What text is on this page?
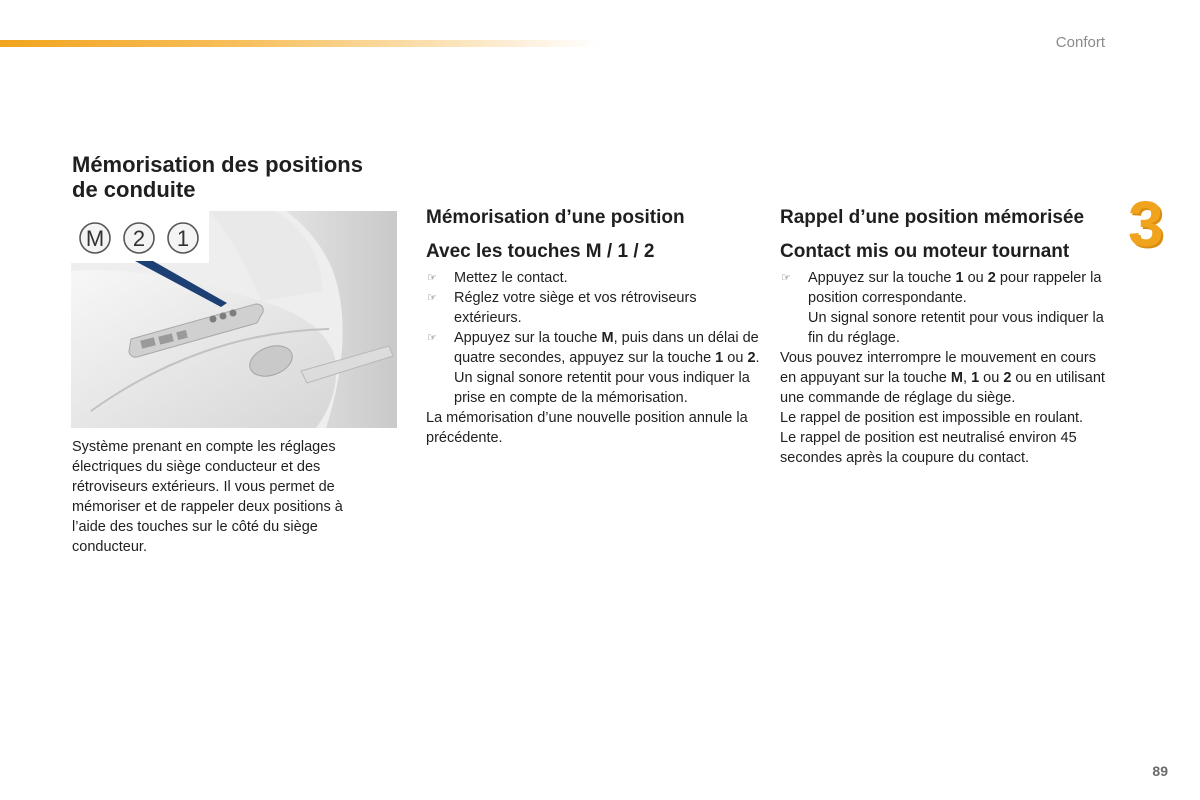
Confort
3
Mémorisation des positions
de conduite
M 2 1

Système prenant en compte les réglages électriques du siège conducteur et des rétroviseurs extérieurs. Il vous permet de mémoriser et de rappeler deux positions à l’aide des touches sur le côté du siège conducteur.

Mémorisation d’une position
Avec les touches M / 1 / 2
☞ Mettez le contact.
☞ Réglez votre siège et vos rétroviseurs extérieurs.
☞ Appuyez sur la touche M, puis dans un délai de quatre secondes, appuyez sur la touche 1 ou 2.
Un signal sonore retentit pour vous indiquer la prise en compte de la mémorisation.

La mémorisation d’une nouvelle position annule la précédente.

Rappel d’une position mémorisée
Contact mis ou moteur tournant
☞ Appuyez sur la touche 1 ou 2 pour rappeler la position correspondante.
Un signal sonore retentit pour vous indiquer la fin du réglage.

Vous pouvez interrompre le mouvement en cours en appuyant sur la touche M, 1 ou 2 ou en utilisant une commande de réglage du siège.

Le rappel de position est impossible en roulant.

Le rappel de position est neutralisé environ 45 secondes après la coupure du contact.

89
